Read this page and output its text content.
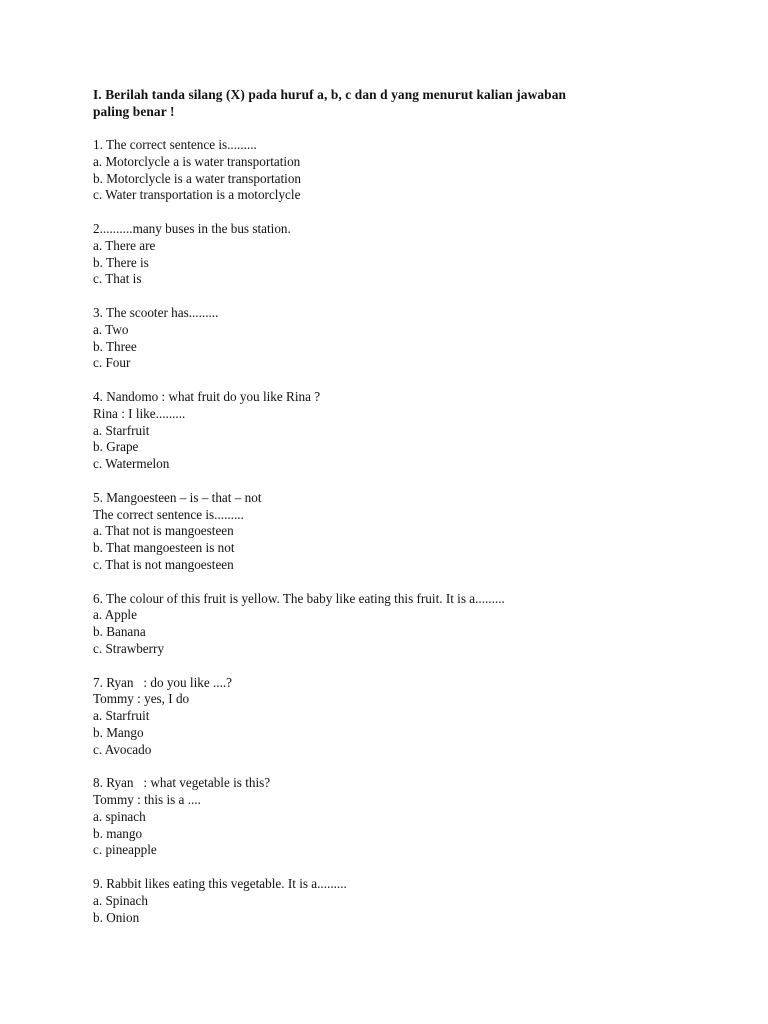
I. Berilah tanda silang (X) pada huruf a, b, c dan d yang menurut kalian jawaban
paling benar !
1. The correct sentence is.........
a. Motorclycle a is water transportation
b. Motorclycle is a water transportation
c. Water transportation is a motorclycle
2..........many buses in the bus station.
a. There are
b. There is
c. That is
3. The scooter has.........
a. Two
b. Three
c. Four
4. Nandomo : what fruit do you like Rina ?
Rina : I like.........
a. Starfruit
b. Grape
c. Watermelon
5. Mangoesteen – is – that – not
The correct sentence is.........
a. That not is mangoesteen
b. That mangoesteen is not
c. That is not mangoesteen
6. The colour of this fruit is yellow. The baby like eating this fruit. It is a.........
a. Apple
b. Banana
c. Strawberry
7. Ryan   : do you like ....?
Tommy : yes, I do
a. Starfruit
b. Mango
c. Avocado
8. Ryan   : what vegetable is this?
Tommy : this is a ....
a. spinach
b. mango
c. pineapple
9. Rabbit likes eating this vegetable. It is a.........
a. Spinach
b. Onion
